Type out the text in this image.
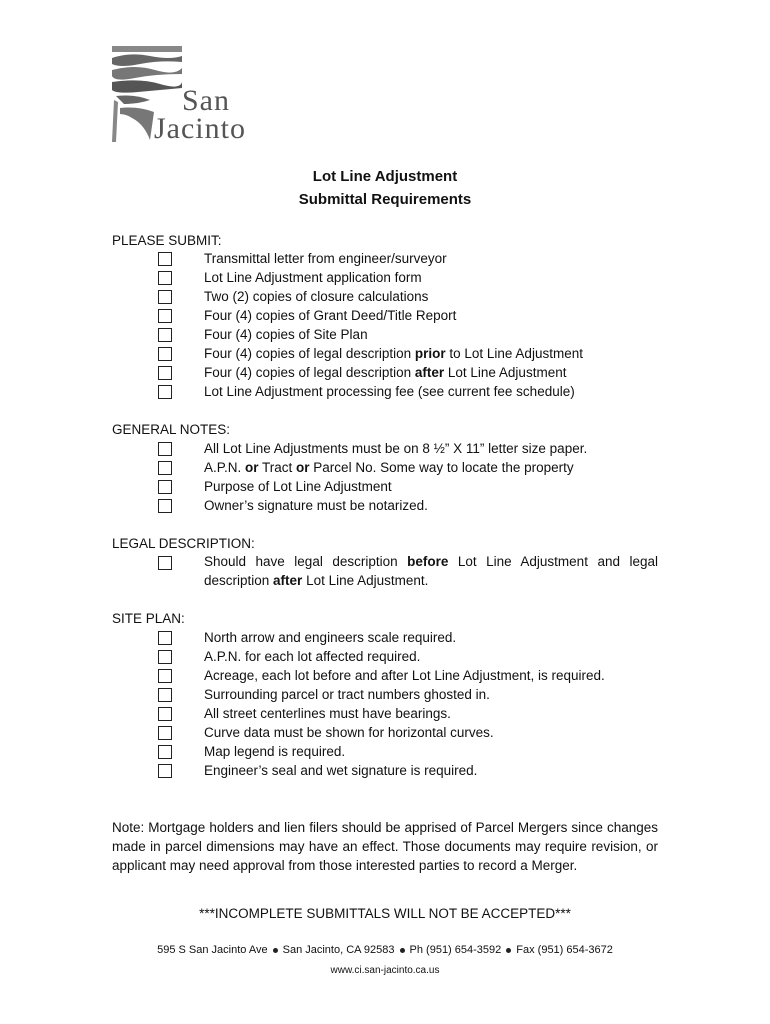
San
Jacinto
Lot Line Adjustment
Submittal Requirements
PLEASE SUBMIT:
Transmittal letter from engineer/surveyor
Lot Line Adjustment application form
Two (2) copies of closure calculations
Four (4) copies of Grant Deed/Title Report
Four (4) copies of Site Plan
Four (4) copies of legal description prior to Lot Line Adjustment
Four (4) copies of legal description after Lot Line Adjustment
Lot Line Adjustment processing fee (see current fee schedule)
GENERAL NOTES:
All Lot Line Adjustments must be on 8 ½” X 11” letter size paper.
A.P.N. or Tract or Parcel No. Some way to locate the property
Purpose of Lot Line Adjustment
Owner’s signature must be notarized.
LEGAL DESCRIPTION:
Should have legal description before Lot Line Adjustment and legal description after Lot Line Adjustment.
SITE PLAN:
North arrow and engineers scale required.
A.P.N. for each lot affected required.
Acreage, each lot before and after Lot Line Adjustment, is required.
Surrounding parcel or tract numbers ghosted in.
All street centerlines must have bearings.
Curve data must be shown for horizontal curves.
Map legend is required.
Engineer’s seal and wet signature is required.
Note: Mortgage holders and lien filers should be apprised of Parcel Mergers since changes made in parcel dimensions may have an effect. Those documents may require revision, or applicant may need approval from those interested parties to record a Merger.
***INCOMPLETE SUBMITTALS WILL NOT BE ACCEPTED***
595 S San Jacinto Ave San Jacinto, CA 92583 Ph (951) 654-3592 Fax (951) 654-3672
www.ci.san-jacinto.ca.us
